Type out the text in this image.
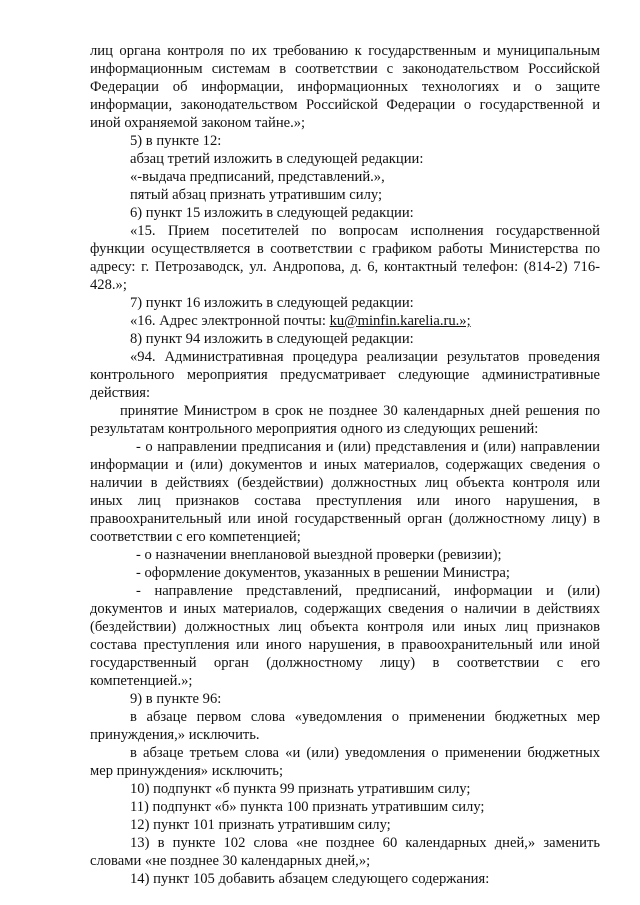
лиц органа контроля по их требованию к государственным и муниципальным
информационным системам в соответствии с законодательством Российской
Федерации об информации, информационных технологиях и о защите
информации, законодательством Российской Федерации о государственной и
иной охраняемой законом тайне.»;
5) в пункте 12:
абзац третий изложить в следующей редакции:
«-выдача предписаний, представлений.»,
пятый абзац признать утратившим силу;
6) пункт 15 изложить в следующей редакции:
«15. Прием посетителей по вопросам исполнения государственной
функции осуществляется в соответствии с графиком работы Министерства по
адресу: г. Петрозаводск, ул. Андропова, д. 6, контактный телефон: (814-2) 716-
428.»;
7) пункт 16 изложить в следующей редакции:
«16. Адрес электронной почты: ku@minfin.karelia.ru.»;
8) пункт 94 изложить в следующей редакции:
«94. Административная процедура реализации результатов проведения
контрольного мероприятия предусматривает следующие административные
действия:
принятие Министром в срок не позднее 30 календарных дней решения по
результатам контрольного мероприятия одного из следующих решений:
- о направлении предписания и (или) представления и (или) направлении
информации и (или) документов и иных материалов, содержащих сведения о
наличии в действиях (бездействии) должностных лиц объекта контроля или
иных лиц признаков состава преступления или иного нарушения, в
правоохранительный или иной государственный орган (должностному лицу) в
соответствии с его компетенцией;
- о назначении внеплановой выездной проверки (ревизии);
- оформление документов, указанных в решении Министра;
- направление представлений, предписаний, информации и (или)
документов и иных материалов, содержащих сведения о наличии в действиях
(бездействии) должностных лиц объекта контроля или иных лиц признаков
состава преступления или иного нарушения, в правоохранительный или иной
государственный орган (должностному лицу) в соответствии с его
компетенцией.»;
9) в пункте 96:
в абзаце первом слова «уведомления о применении бюджетных мер
принуждения,» исключить.
в абзаце третьем слова «и (или) уведомления о применении бюджетных
мер принуждения» исключить;
10) подпункт «б пункта 99 признать утратившим силу;
11) подпункт «б» пункта 100 признать утратившим силу;
12) пункт 101 признать утратившим силу;
13) в пункте 102 слова «не позднее 60 календарных дней,» заменить
словами «не позднее 30 календарных дней,»;
14) пункт 105 добавить абзацем следующего содержания:
